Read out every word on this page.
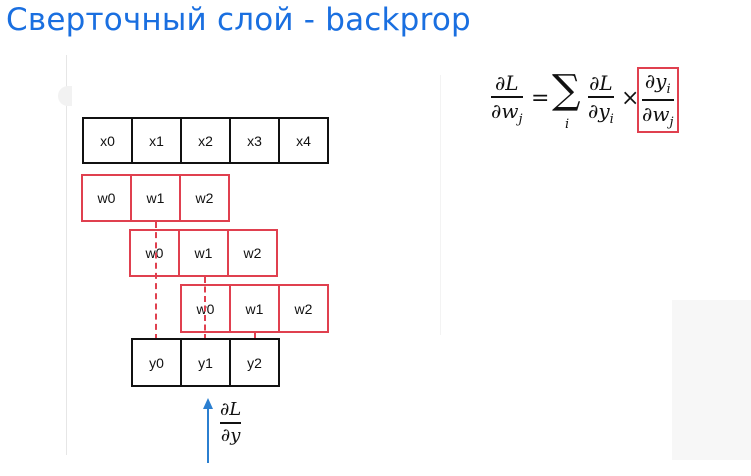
Сверточный слой - backprop
x0	x1	x2	x3	x4
w0	w1	w2
w0	w1	w2
w0	w1	w2
y0	y1	y2
∂L
∂y
∂L
$\partial w_j$
= ∑
i
∂L
$\partial y_i$
×
$\partial y_i$
$\partial w_j$
